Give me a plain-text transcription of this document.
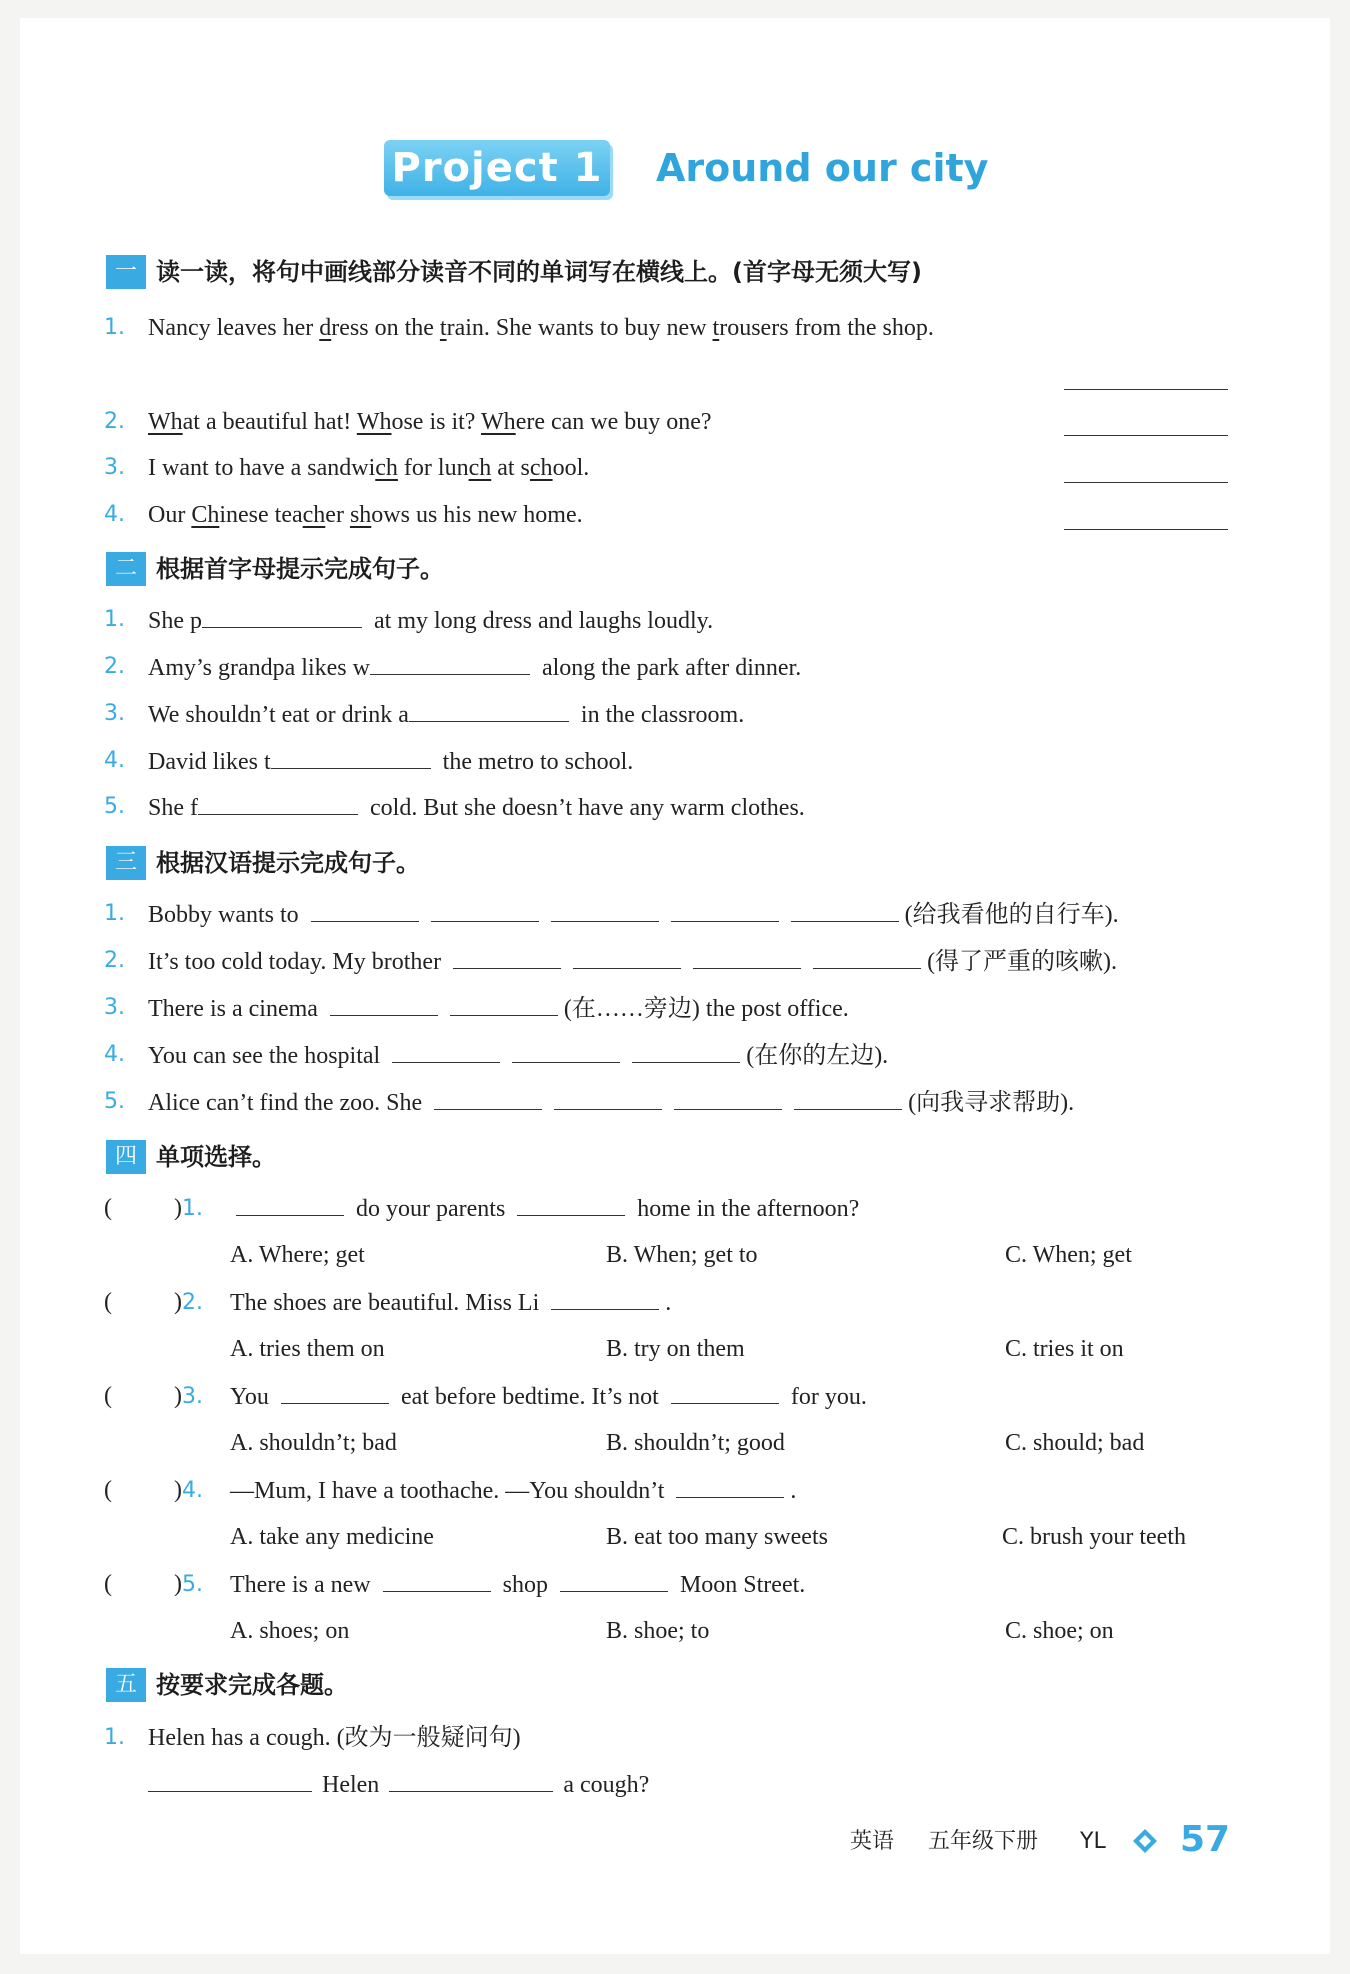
Project 1 Around our city
一 读一读，将句中画线部分读音不同的单词写在横线上。(首字母无须大写)
1. Nancy leaves her dress on the train. She wants to buy new trousers from the shop.
2. What a beautiful hat! Whose is it? Where can we buy one?
3. I want to have a sandwich for lunch at school.
4. Our Chinese teacher shows us his new home.
二 根据首字母提示完成句子。
1. She p	at my long dress and laughs loudly.
2. Amy’s grandpa likes w	along the park after dinner.
3. We shouldn’t eat or drink a	in the classroom.
4. David likes t	the metro to school.
5. She f	cold. But she doesn’t have any warm clothes.
三 根据汉语提示完成句子。
1. Bobby wants to	(给我看他的自行车).
2. It’s too cold today. My brother	(得了严重的咳嗽).
3. There is a cinema	(在……旁边) the post office.
4. You can see the hospital	(在你的左边).
5. Alice can’t find the zoo. She	(向我寻求帮助).
四 单项选择。
(	)1.	do your parents	home in the afternoon?
A. Where; get	B. When; get to	C. When; get
(	)2. The shoes are beautiful. Miss Li	.
A. tries them on	B. try on them	C. tries it on
(	)3. You	eat before bedtime. It’s not	for you.
A. shouldn’t; bad	B. shouldn’t; good	C. should; bad
(	)4. —Mum, I have a toothache. —You shouldn’t	.
A. take any medicine	B. eat too many sweets	C. brush your teeth
(	)5. There is a new	shop	Moon Street.
A. shoes; on	B. shoe; to	C. shoe; on
五 按要求完成各题。
1. Helen has a cough. (改为一般疑问句)
Helen	a cough?
英语 五年级下册 YL 57
